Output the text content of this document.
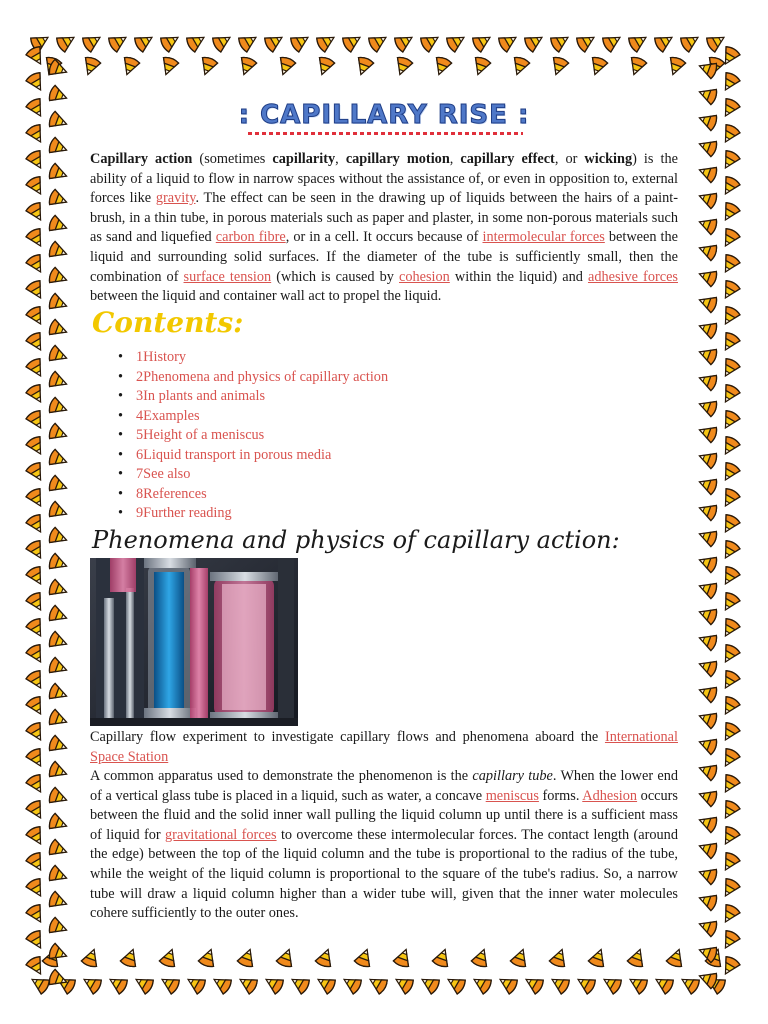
: CAPILLARY RISE :
Capillary action (sometimes capillarity, capillary motion, capillary effect, or wicking) is the ability of a liquid to flow in narrow spaces without the assistance of, or even in opposition to, external forces like gravity. The effect can be seen in the drawing up of liquids between the hairs of a paint-brush, in a thin tube, in porous materials such as paper and plaster, in some non-porous materials such as sand and liquefied carbon fibre, or in a cell. It occurs because of intermolecular forces between the liquid and surrounding solid surfaces. If the diameter of the tube is sufficiently small, then the combination of surface tension (which is caused by cohesion within the liquid) and adhesive forces between the liquid and container wall act to propel the liquid.
Contents:
• 1History
• 2Phenomena and physics of capillary action
• 3In plants and animals
• 4Examples
• 5Height of a meniscus
• 6Liquid transport in porous media
• 7See also
• 8References
• 9Further reading
Phenomena and physics of capillary action:
Capillary flow experiment to investigate capillary flows and phenomena aboard the International Space Station
A common apparatus used to demonstrate the phenomenon is the capillary tube. When the lower end of a vertical glass tube is placed in a liquid, such as water, a concave meniscus forms. Adhesion occurs between the fluid and the solid inner wall pulling the liquid column up until there is a sufficient mass of liquid for gravitational forces to overcome these intermolecular forces. The contact length (around the edge) between the top of the liquid column and the tube is proportional to the radius of the tube, while the weight of the liquid column is proportional to the square of the tube's radius. So, a narrow tube will draw a liquid column higher than a wider tube will, given that the inner water molecules cohere sufficiently to the outer ones.
